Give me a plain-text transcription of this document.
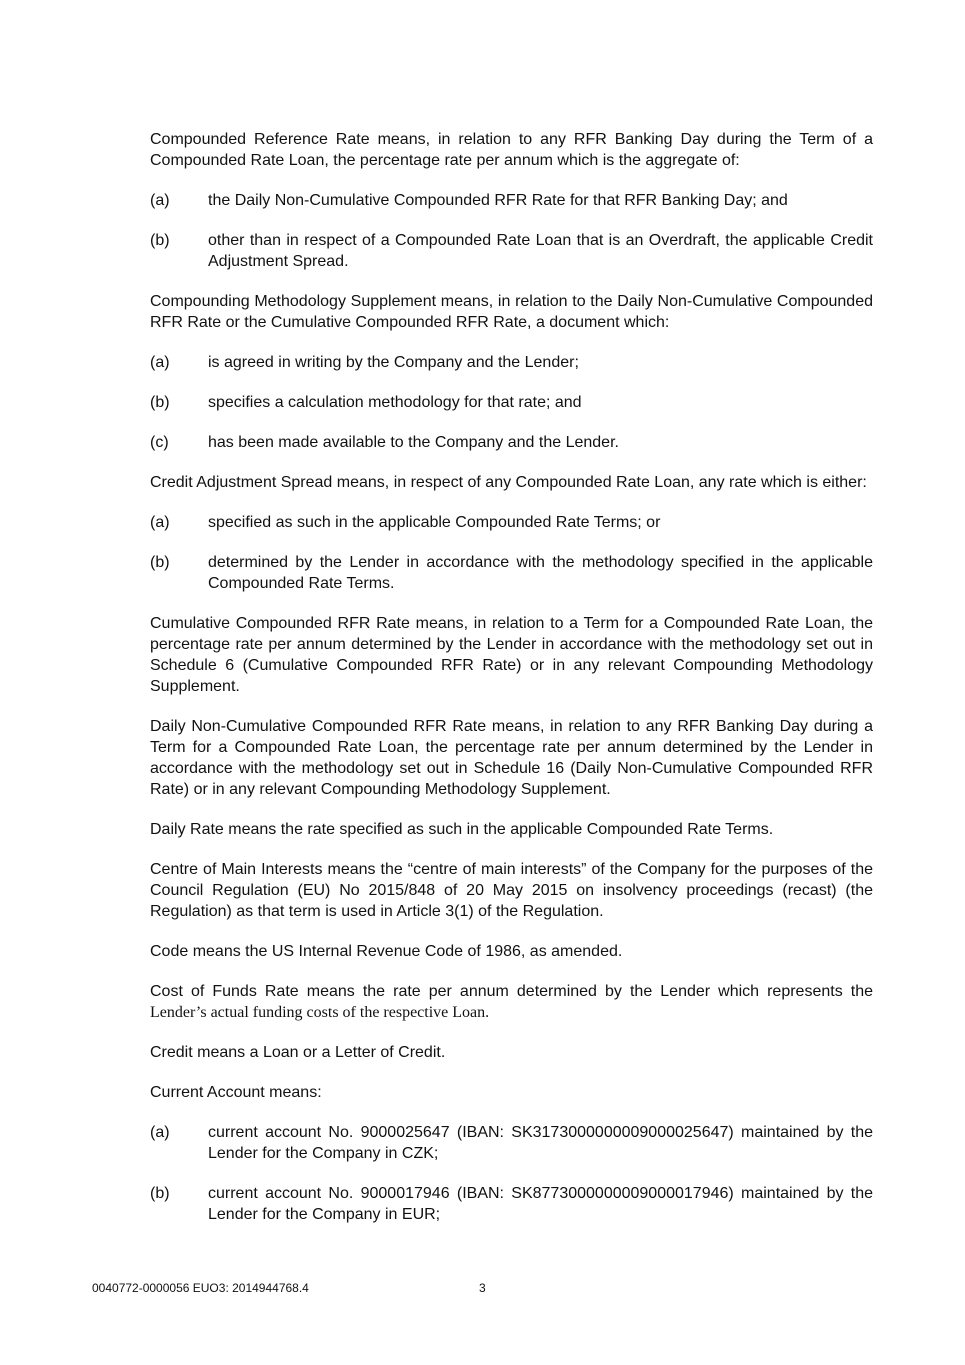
Compounded Reference Rate means, in relation to any RFR Banking Day during the Term of a Compounded Rate Loan, the percentage rate per annum which is the aggregate of:

(a)	the Daily Non-Cumulative Compounded RFR Rate for that RFR Banking Day; and
(b)	other than in respect of a Compounded Rate Loan that is an Overdraft, the applicable Credit Adjustment Spread.

Compounding Methodology Supplement means, in relation to the Daily Non-Cumulative Compounded RFR Rate or the Cumulative Compounded RFR Rate, a document which:

(a)	is agreed in writing by the Company and the Lender;
(b)	specifies a calculation methodology for that rate; and
(c)	has been made available to the Company and the Lender.

Credit Adjustment Spread means, in respect of any Compounded Rate Loan, any rate which is either:

(a)	specified as such in the applicable Compounded Rate Terms; or
(b)	determined by the Lender in accordance with the methodology specified in the applicable Compounded Rate Terms.

Cumulative Compounded RFR Rate means, in relation to a Term for a Compounded Rate Loan, the percentage rate per annum determined by the Lender in accordance with the methodology set out in Schedule 6 (Cumulative Compounded RFR Rate) or in any relevant Compounding Methodology Supplement.

Daily Non-Cumulative Compounded RFR Rate means, in relation to any RFR Banking Day during a Term for a Compounded Rate Loan, the percentage rate per annum determined by the Lender in accordance with the methodology set out in Schedule 16 (Daily Non-Cumulative Compounded RFR Rate) or in any relevant Compounding Methodology Supplement.

Daily Rate means the rate specified as such in the applicable Compounded Rate Terms.

Centre of Main Interests means the “centre of main interests” of the Company for the purposes of the Council Regulation (EU) No 2015/848 of 20 May 2015 on insolvency proceedings (recast) (the Regulation) as that term is used in Article 3(1) of the Regulation.

Code means the US Internal Revenue Code of 1986, as amended.

Cost of Funds Rate means the rate per annum determined by the Lender which represents the Lender’s actual funding costs of the respective Loan.

Credit means a Loan or a Letter of Credit.

Current Account means:

(a)	current account No. 9000025647 (IBAN: SK3173000000009000025647) maintained by the Lender for the Company in CZK;
(b)	current account No. 9000017946 (IBAN: SK8773000000009000017946) maintained by the Lender for the Company in EUR;
0040772-0000056 EUO3: 2014944768.4	3
